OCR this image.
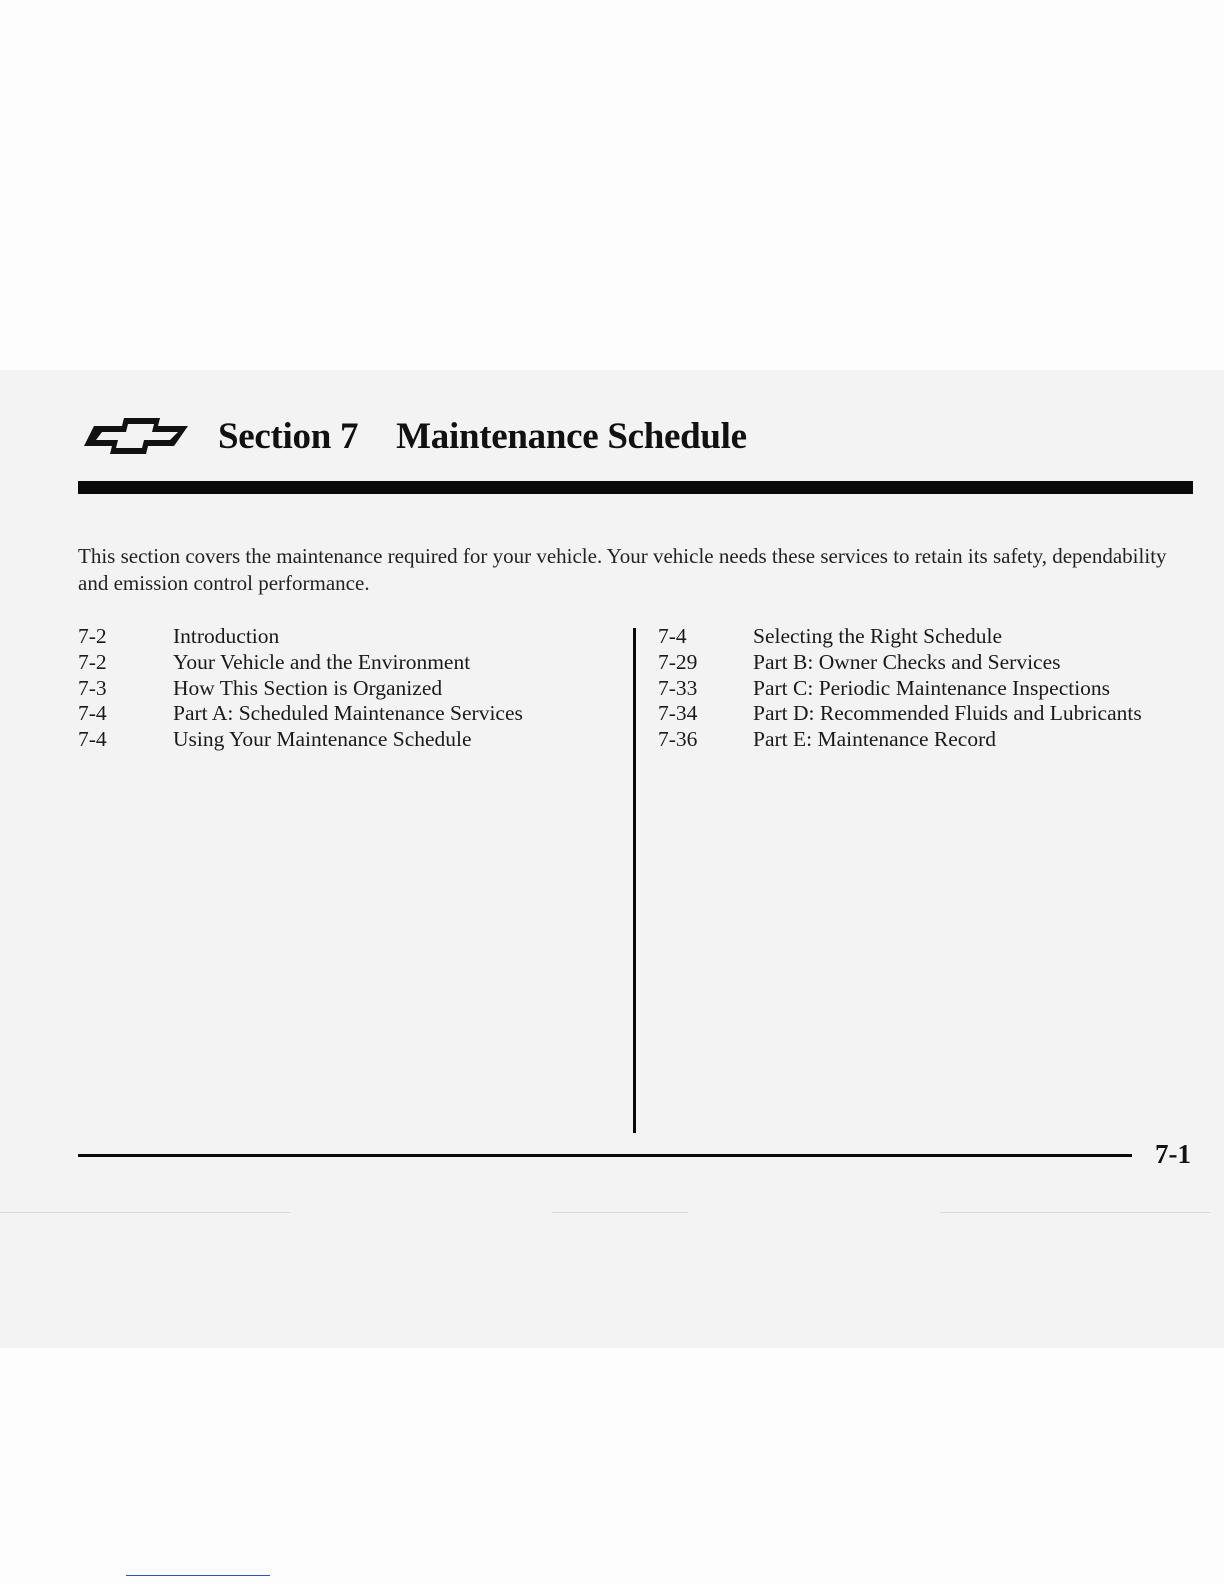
Section 7 Maintenance Schedule

This section covers the maintenance required for your vehicle. Your vehicle needs these services to retain its safety, dependability and emission control performance.

7-2	Introduction
7-2	Your Vehicle and the Environment
7-3	How This Section is Organized
7-4	Part A: Scheduled Maintenance Services
7-4	Using Your Maintenance Schedule
7-4	Selecting the Right Schedule
7-29	Part B: Owner Checks and Services
7-33	Part C: Periodic Maintenance Inspections
7-34	Part D: Recommended Fluids and Lubricants
7-36	Part E: Maintenance Record
7-1
